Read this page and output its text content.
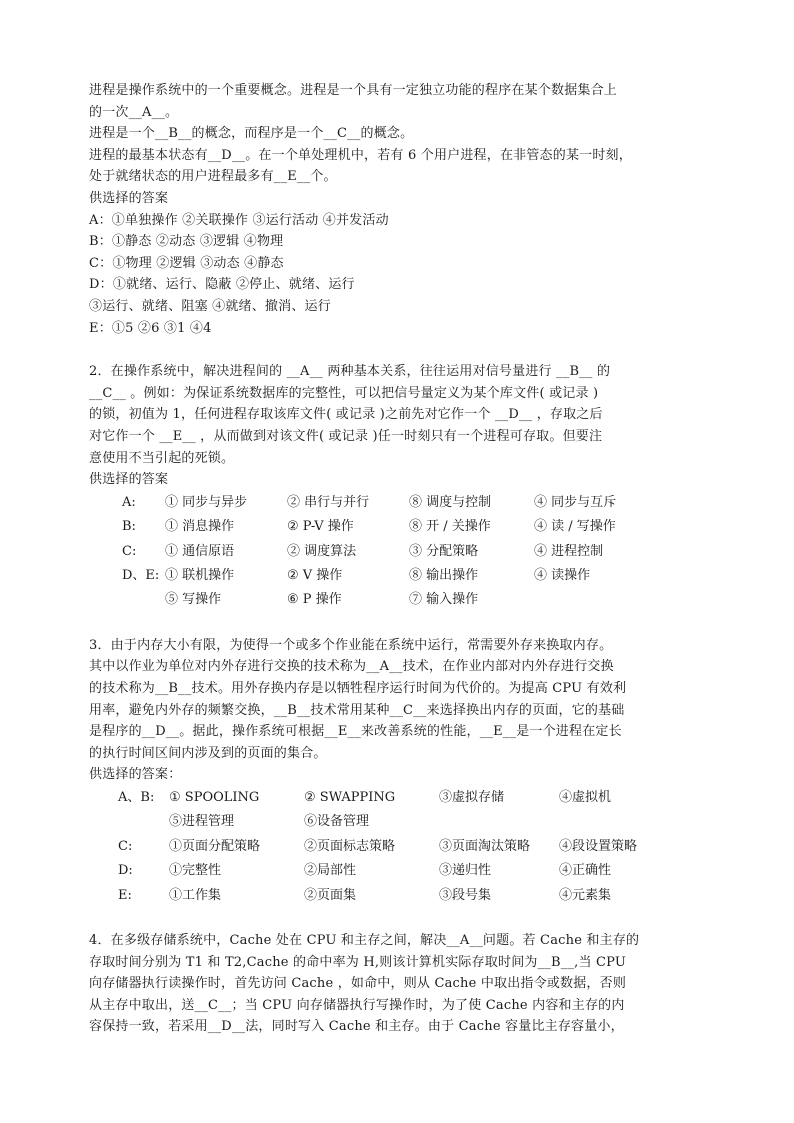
进程是操作系统中的一个重要概念。进程是一个具有一定独立功能的程序在某个数据集合上
的一次__A__。
进程是一个__B__的概念，而程序是一个__C__的概念。
进程的最基本状态有__D__。在一个单处理机中，若有 6 个用户进程，在非管态的某一时刻，
处于就绪状态的用户进程最多有__E__个。
供选择的答案
A：①单独操作 ②关联操作 ③运行活动 ④并发活动
B：①静态 ②动态 ③逻辑 ④物理
C：①物理 ②逻辑 ③动态 ④静态
D：①就绪、运行、隐蔽 ②停止、就绪、运行
③运行、就绪、阻塞 ④就绪、撤消、运行
E：①5 ②6 ③1 ④4
2．在操作系统中，解决进程间的 __A__ 两种基本关系，往往运用对信号量进行 __B__ 的
__C__ 。例如：为保证系统数据库的完整性，可以把信号量定义为某个库文件( 或记录 )
的锁，初值为 1，任何进程存取该库文件( 或记录 )之前先对它作一个 __D__ ，存取之后
对它作一个 __E__ ，从而做到对该文件( 或记录 )任一时刻只有一个进程可存取。但要注
意使用不当引起的死锁。
供选择的答案
A:	① 同步与异步	② 串行与并行	⑧ 调度与控制	④ 同步与互斥
B:	① 消息操作	② P-V 操作	⑧ 开 / 关操作	④ 读 / 写操作
C:	① 通信原语	② 调度算法	③ 分配策略	④ 进程控制
D、E: ① 联机操作	② V 操作	⑧ 输出操作	④ 读操作
⑤ 写操作	⑥ P 操作	⑦ 输入操作
3．由于内存大小有限，为使得一个或多个作业能在系统中运行，常需要外存来换取内存。
其中以作业为单位对内外存进行交换的技术称为__A__技术，在作业内部对内外存进行交换
的技术称为__B__技术。用外存换内存是以牺牲程序运行时间为代价的。为提高 CPU 有效利
用率，避免内外存的频繁交换，__B__技术常用某种__C__来选择换出内存的页面，它的基础
是程序的__D__。据此，操作系统可根据__E__来改善系统的性能，__E__是一个进程在定长
的执行时间区间内涉及到的页面的集合。
供选择的答案：
A、B:	① SPOOLING	② SWAPPING	③虚拟存储	④虚拟机
⑤进程管理	⑥设备管理
C:	①页面分配策略	②页面标志策略	③页面淘汰策略	④段设置策略
D:	①完整性	②局部性	③递归性	④正确性
E:	①工作集	②页面集	③段号集	④元素集
4．在多级存储系统中，Cache 处在 CPU 和主存之间，解决__A__问题。若 Cache 和主存的
存取时间分别为 T1 和 T2,Cache 的命中率为 H,则该计算机实际存取时间为__B__,当 CPU
向存储器执行读操作时，首先访问 Cache ，如命中，则从 Cache 中取出指令或数据，否则
从主存中取出，送__C__；当 CPU 向存储器执行写操作时，为了使 Cache 内容和主存的内
容保持一致，若采用__D__法，同时写入 Cache 和主存。由于 Cache 容量比主存容量小，
